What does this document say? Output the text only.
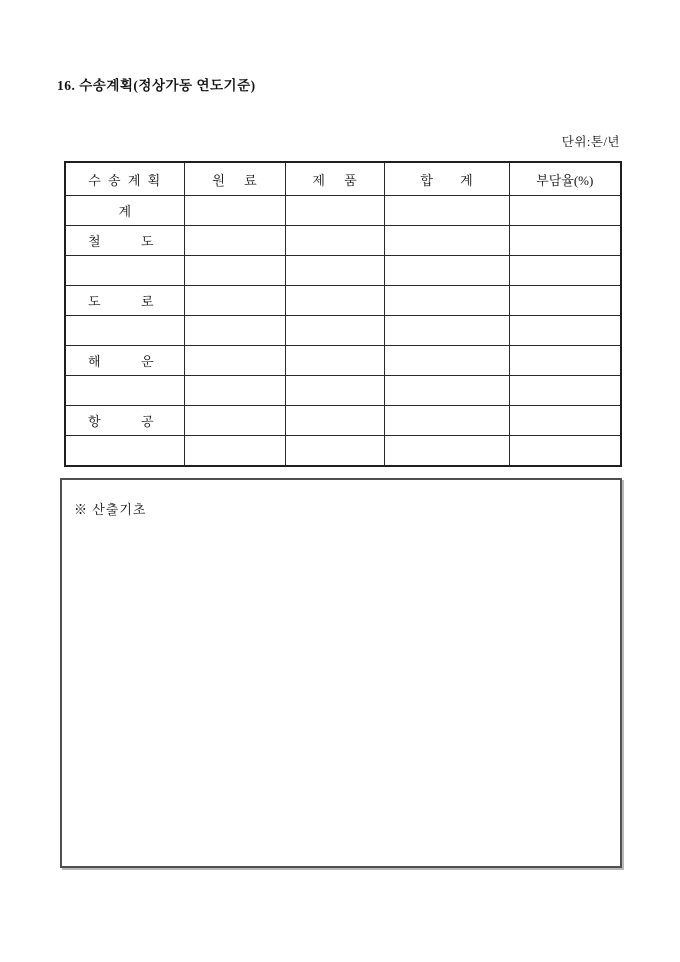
16. 수송계획(정상가동 연도기준)
단위:톤/년
수 송 계 획	원 료	제 품	합 계	부담율(%)
계				

철 도				

도 로				

해 운				

항 공				

※ 산출기초
